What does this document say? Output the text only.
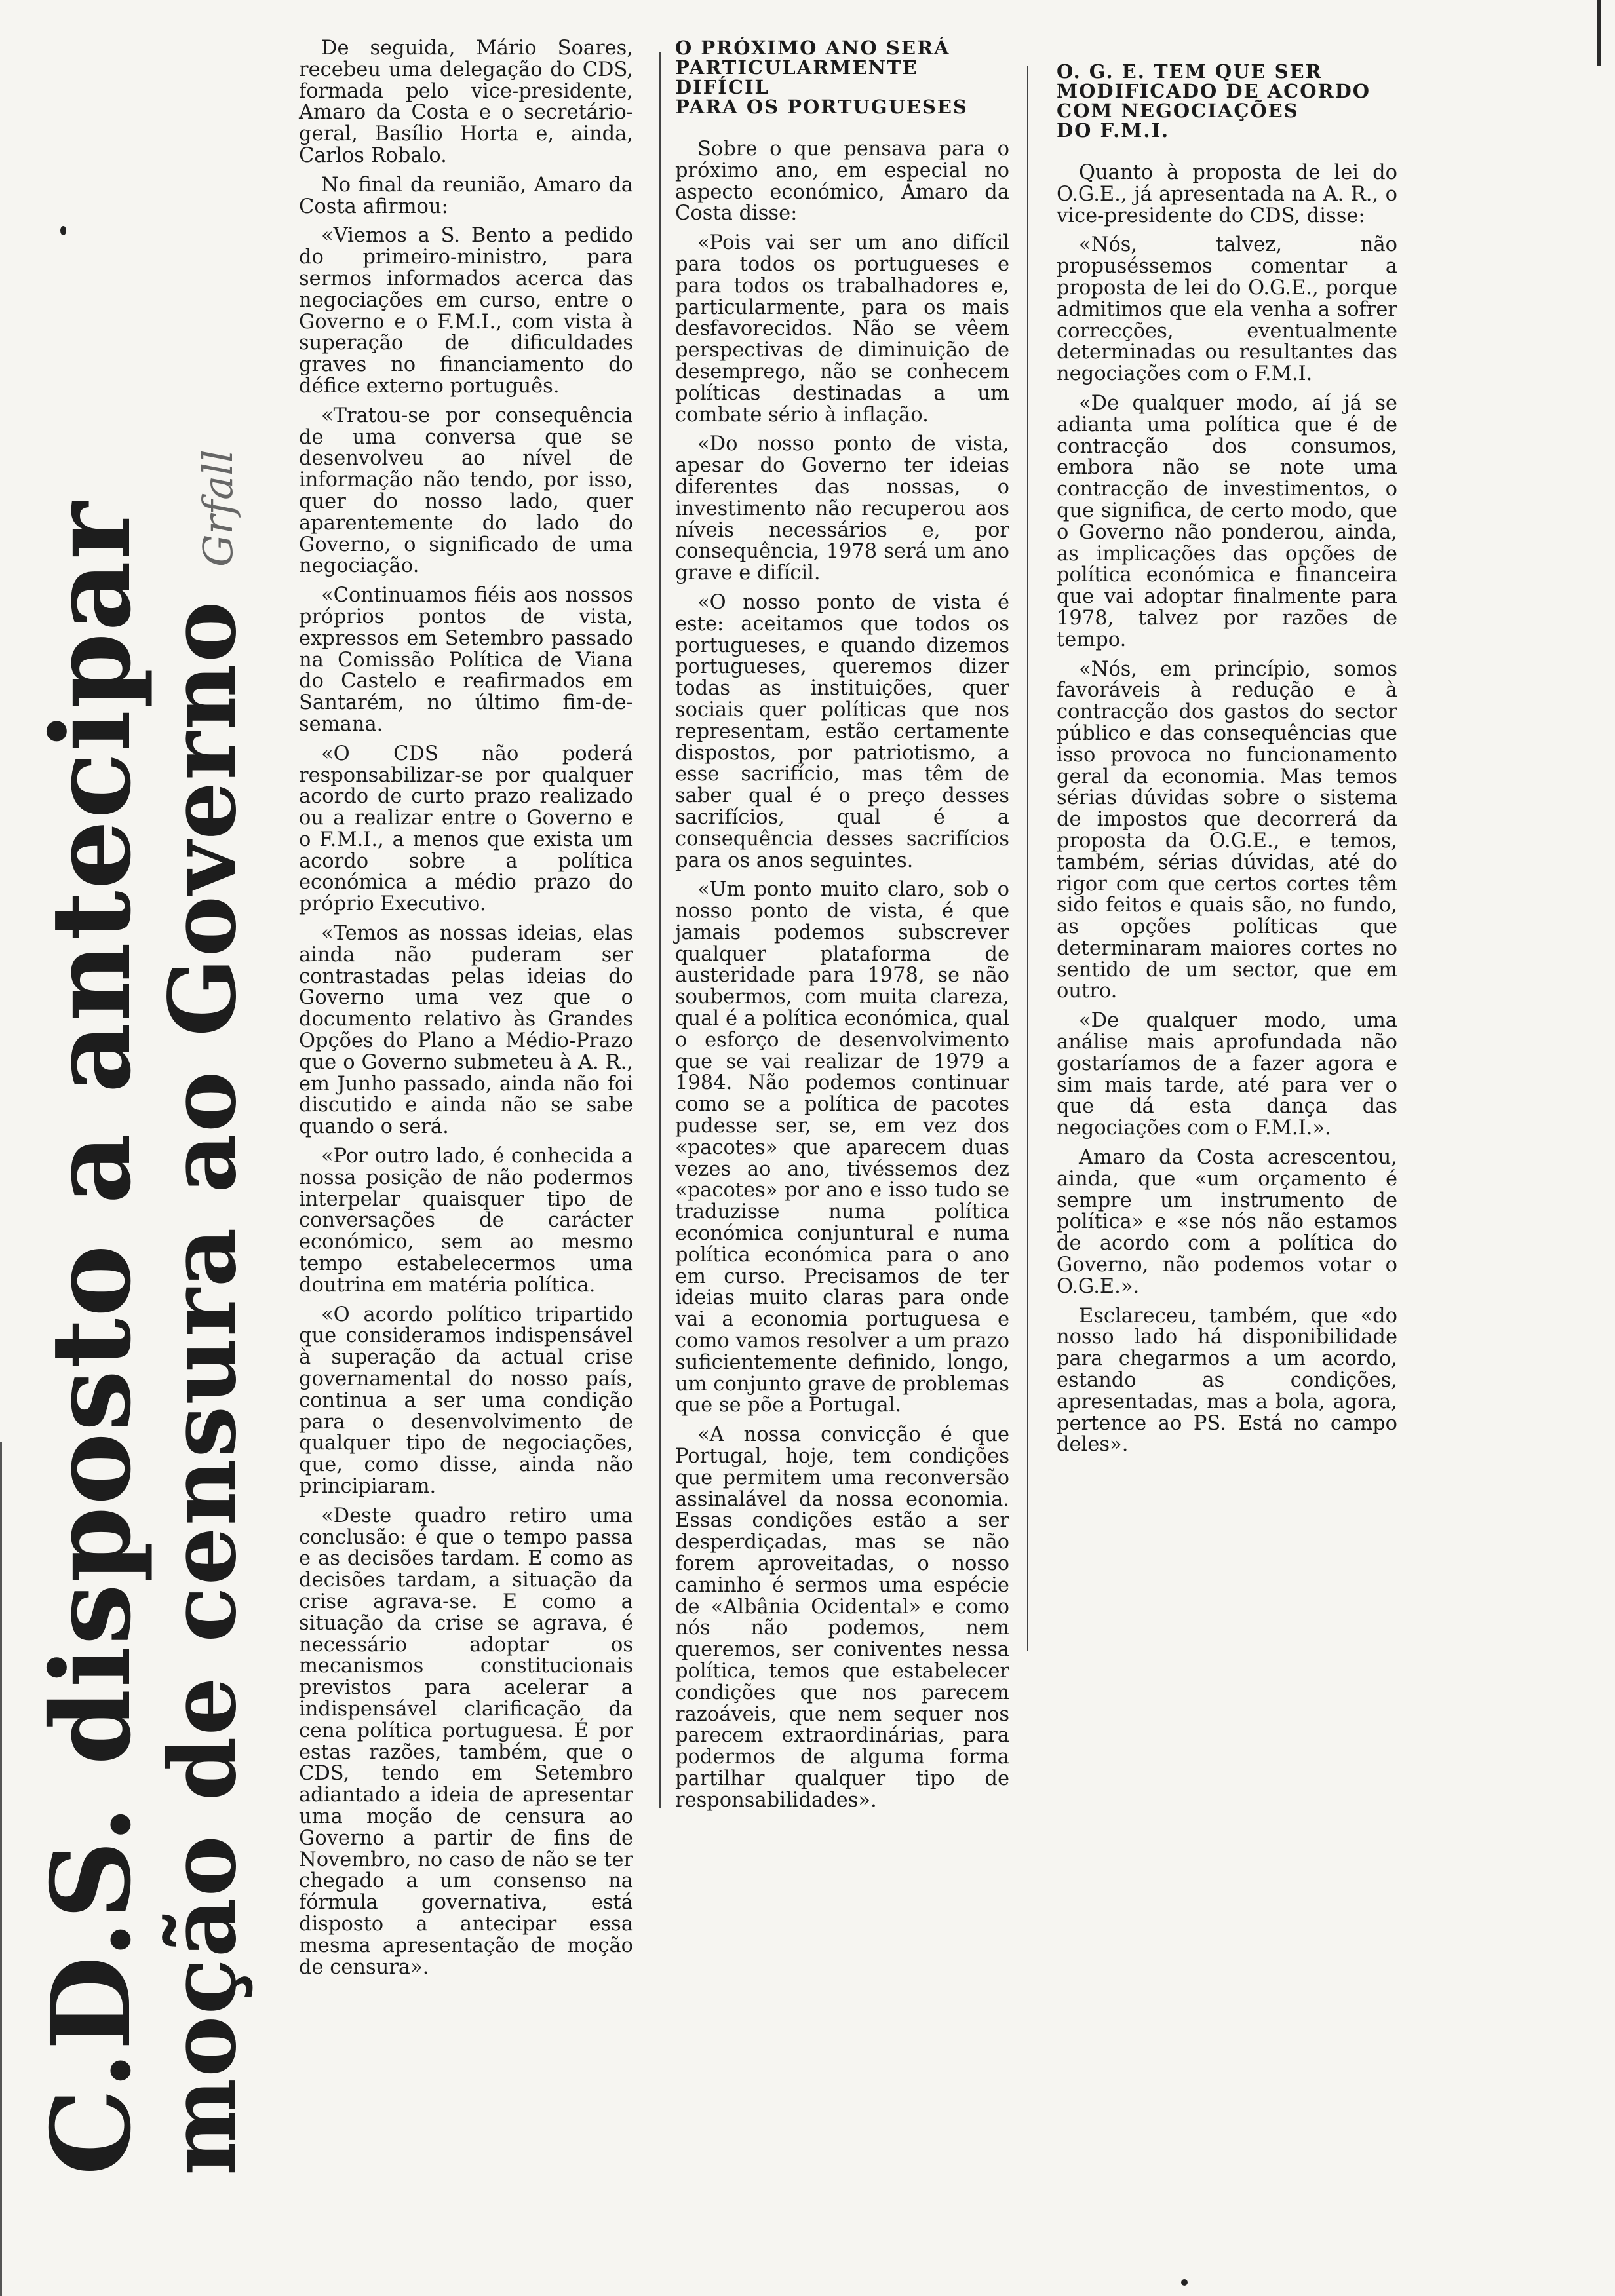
C.D.S. disposto a antecipar
moção de censura ao Governo
Grfall

De seguida, Mário Soares, recebeu uma delegação do CDS, formada pelo vice-presidente, Amaro da Costa e o secretário-geral, Basílio Horta e, ainda, Carlos Robalo.

No final da reunião, Amaro da Costa afirmou:

«Viemos a S. Bento a pedido do primeiro-ministro, para sermos informados acerca das negociações em curso, entre o Governo e o F.M.I., com vista à superação de dificuldades graves no financiamento do défice externo português.

«Tratou-se por consequência de uma conversa que se desenvolveu ao nível de informação não tendo, por isso, quer do nosso lado, quer aparentemente do lado do Governo, o significado de uma negociação.

«Continuamos fiéis aos nossos próprios pontos de vista, expressos em Setembro passado na Comissão Política de Viana do Castelo e reafirmados em Santarém, no último fim-de-semana.

«O CDS não poderá responsabilizar-se por qualquer acordo de curto prazo realizado ou a realizar entre o Governo e o F.M.I., a menos que exista um acordo sobre a política económica a médio prazo do próprio Executivo.

«Temos as nossas ideias, elas ainda não puderam ser contrastadas pelas ideias do Governo uma vez que o documento relativo às Grandes Opções do Plano a Médio-Prazo que o Governo submeteu à A. R., em Junho passado, ainda não foi discutido e ainda não se sabe quando o será.

«Por outro lado, é conhecida a nossa posição de não podermos interpelar quaisquer tipo de conversações de carácter económico, sem ao mesmo tempo estabelecermos uma doutrina em matéria política.

«O acordo político tripartido que consideramos indispensável à superação da actual crise governamental do nosso país, continua a ser uma condição para o desenvolvimento de qualquer tipo de negociações, que, como disse, ainda não principiaram.

«Deste quadro retiro uma conclusão: é que o tempo passa e as decisões tardam. E como as decisões tardam, a situação da crise agrava-se. E como a situação da crise se agrava, é necessário adoptar os mecanismos constitucionais previstos para acelerar a indispensável clarificação da cena política portuguesa. É por estas razões, também, que o CDS, tendo em Setembro adiantado a ideia de apresentar uma moção de censura ao Governo a partir de fins de Novembro, no caso de não se ter chegado a um consenso na fórmula governativa, está disposto a antecipar essa mesma apresentação de moção de censura».

O PRÓXIMO ANO SERÁ
PARTICULARMENTE
DIFÍCIL
PARA OS PORTUGUESES

Sobre o que pensava para o próximo ano, em especial no aspecto económico, Amaro da Costa disse:

«Pois vai ser um ano difícil para todos os portugueses e para todos os trabalhadores e, particularmente, para os mais desfavorecidos. Não se vêem perspectivas de diminuição de desemprego, não se conhecem políticas destinadas a um combate sério à inflação.

«Do nosso ponto de vista, apesar do Governo ter ideias diferentes das nossas, o investimento não recuperou aos níveis necessários e, por consequência, 1978 será um ano grave e difícil.

«O nosso ponto de vista é este: aceitamos que todos os portugueses, e quando dizemos portugueses, queremos dizer todas as instituições, quer sociais quer políticas que nos representam, estão certamente dispostos, por patriotismo, a esse sacrifício, mas têm de saber qual é o preço desses sacrifícios, qual é a consequência desses sacrifícios para os anos seguintes.

«Um ponto muito claro, sob o nosso ponto de vista, é que jamais podemos subscrever qualquer plataforma de austeridade para 1978, se não soubermos, com muita clareza, qual é a política económica, qual o esforço de desenvolvimento que se vai realizar de 1979 a 1984. Não podemos continuar como se a política de pacotes pudesse ser, se, em vez dos «pacotes» que aparecem duas vezes ao ano, tivéssemos dez «pacotes» por ano e isso tudo se traduzisse numa política económica conjuntural e numa política económica para o ano em curso. Precisamos de ter ideias muito claras para onde vai a economia portuguesa e como vamos resolver a um prazo suficientemente definido, longo, um conjunto grave de problemas que se põe a Portugal.

«A nossa convicção é que Portugal, hoje, tem condições que permitem uma reconversão assinalável da nossa economia. Essas condições estão a ser desperdiçadas, mas se não forem aproveitadas, o nosso caminho é sermos uma espécie de «Albânia Ocidental» e como nós não podemos, nem queremos, ser coniventes nessa política, temos que estabelecer condições que nos parecem razoáveis, que nem sequer nos parecem extraordinárias, para podermos de alguma forma partilhar qualquer tipo de responsabilidades».

O. G. E. TEM QUE SER
MODIFICADO DE ACORDO
COM NEGOCIAÇÕES
DO F.M.I.

Quanto à proposta de lei do O.G.E., já apresentada na A. R., o vice-presidente do CDS, disse:

«Nós, talvez, não propuséssemos comentar a proposta de lei do O.G.E., porque admitimos que ela venha a sofrer correcções, eventualmente determinadas ou resultantes das negociações com o F.M.I.

«De qualquer modo, aí já se adianta uma política que é de contracção dos consumos, embora não se note uma contracção de investimentos, o que significa, de certo modo, que o Governo não ponderou, ainda, as implicações das opções de política económica e financeira que vai adoptar finalmente para 1978, talvez por razões de tempo.

«Nós, em princípio, somos favoráveis à redução e à contracção dos gastos do sector público e das consequências que isso provoca no funcionamento geral da economia. Mas temos sérias dúvidas sobre o sistema de impostos que decorrerá da proposta da O.G.E., e temos, também, sérias dúvidas, até do rigor com que certos cortes têm sido feitos e quais são, no fundo, as opções políticas que determinaram maiores cortes no sentido de um sector, que em outro.

«De qualquer modo, uma análise mais aprofundada não gostaríamos de a fazer agora e sim mais tarde, até para ver o que dá esta dança das negociações com o F.M.I.».

Amaro da Costa acrescentou, ainda, que «um orçamento é sempre um instrumento de política» e «se nós não estamos de acordo com a política do Governo, não podemos votar o O.G.E.».

Esclareceu, também, que «do nosso lado há disponibilidade para chegarmos a um acordo, estando as condições, apresentadas, mas a bola, agora, pertence ao PS. Está no campo deles».
